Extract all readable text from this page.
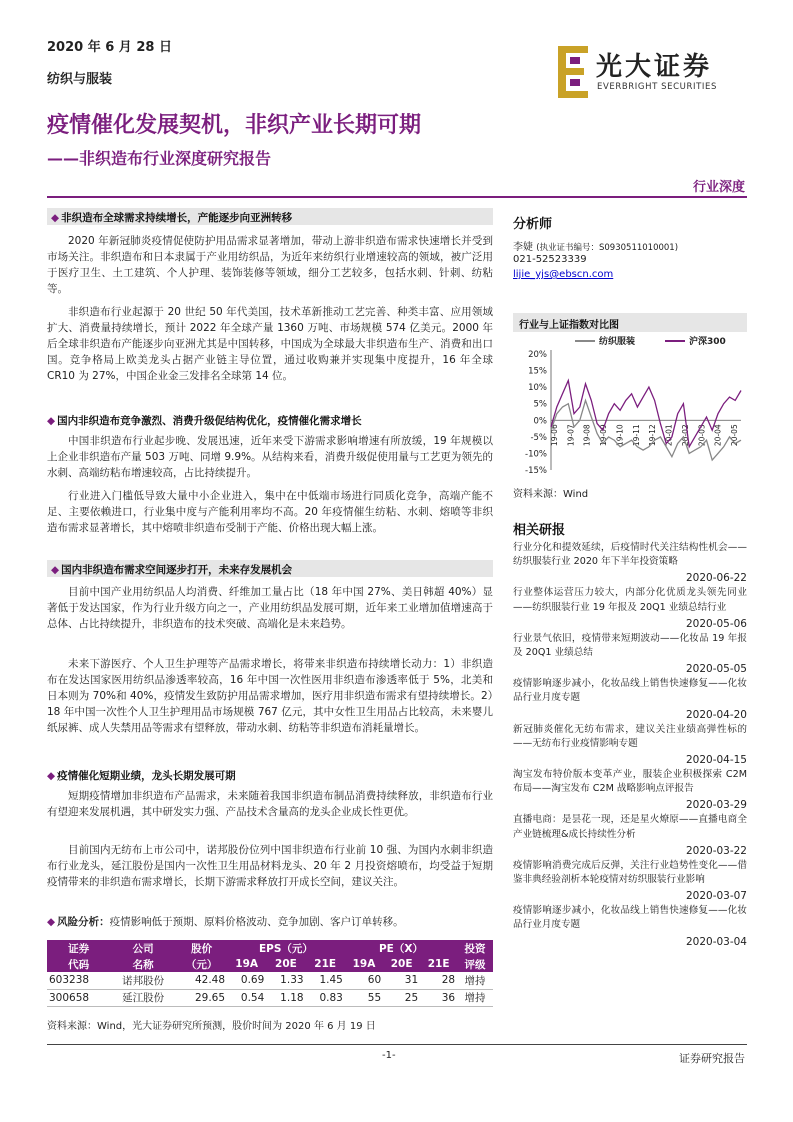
2020 年 6 月 28 日
纺织与服装	光大证券
EVERBRIGHT SECURITIES
疫情催化发展契机，非织产业长期可期
——非织造布行业深度研究报告
行业深度
◆ 非织造布全球需求持续增长，产能逐步向亚洲转移
2020 年新冠肺炎疫情促使防护用品需求显著增加，带动上游非织造布需求快速增长并受到市场关注。非织造布和日本隶属于产业用纺织品，为近年来纺织行业增速较高的领域，被广泛用于医疗卫生、土工建筑、个人护理、装饰装修等领域，细分工艺较多，包括水刺、针刺、纺粘等。
非织造布行业起源于 20 世纪 50 年代美国，技术革新推动工艺完善、种类丰富、应用领域扩大、消费量持续增长，预计 2022 年全球产量 1360 万吨、市场规模 574 亿美元。2000 年后全球非织造布产能逐步向亚洲尤其是中国转移，中国成为全球最大非织造布生产、消费和出口国。竞争格局上欧美龙头占据产业链主导位置，通过收购兼并实现集中度提升，16 年全球 CR10 为 27%，中国企业金三发排名全球第 14 位。
◆ 国内非织造布竞争激烈、消费升级促结构优化，疫情催化需求增长
中国非织造布行业起步晚、发展迅速，近年来受下游需求影响增速有所放缓，19 年规模以上企业非织造布产量 503 万吨、同增 9.9%。从结构来看，消费升级促使用量与工艺更为领先的水刺、高端纺粘布增速较高，占比持续提升。
行业进入门槛低导致大量中小企业进入，集中在中低端市场进行同质化竞争，高端产能不足、主要依赖进口，行业集中度与产能利用率均不高。20 年疫情催生纺粘、水刺、熔喷等非织造布需求显著增长，其中熔喷非织造布受制于产能、价格出现大幅上涨。
◆ 国内非织造布需求空间逐步打开，未来存发展机会
目前中国产业用纺织品人均消费、纤维加工量占比（18 年中国 27%、美日韩超 40%）显著低于发达国家，作为行业升级方向之一，产业用纺织品发展可期，近年来工业增加值增速高于总体、占比持续提升，非织造布的技术突破、高端化是未来趋势。
未来下游医疗、个人卫生护理等产品需求增长，将带来非织造布持续增长动力：1）非织造布在发达国家医用纺织品渗透率较高，16 年中国一次性医用非织造布渗透率低于 5%，北美和日本则为 70%和 40%，疫情发生致防护用品需求增加，医疗用非织造布需求有望持续增长。2）18 年中国一次性个人卫生护理用品市场规模 767 亿元，其中女性卫生用品占比较高，未来婴儿纸尿裤、成人失禁用品等需求有望释放，带动水刺、纺粘等非织造布消耗量增长。
◆ 疫情催化短期业绩，龙头长期发展可期
短期疫情增加非织造布产品需求，未来随着我国非织造布制品消费持续释放，非织造布行业有望迎来发展机遇，其中研发实力强、产品技术含量高的龙头企业成长性更优。
目前国内无纺布上市公司中，诺邦股份位列中国非织造布行业前 10 强、为国内水刺非织造布行业龙头，延江股份是国内一次性卫生用品材料龙头、20 年 2 月投资熔喷布，均受益于短期疫情带来的非织造布需求增长，长期下游需求释放打开成长空间，建议关注。
◆ 风险分析：疫情影响低于预期、原料价格波动、竞争加剧、客户订单转移。
证券	公司	股价	EPS（元）			PE（X）			投资
代码	名称	（元）	19A	20E	21E	19A	20E	21E	评级
603238	诺邦股份	42.48	0.69	1.33	1.45	60	31	28	增持
300658	延江股份	29.65	0.54	1.18	0.83	55	25	36	增持
资料来源：Wind，光大证券研究所预测，股价时间为 2020 年 6 月 19 日
分析师
李婕 (执业证书编号：S0930511010001)
021-52523339
lijie_yjs@ebscn.com
行业与上证指数对比图
纺织服装	沪深300
20%
15%
10%
5%
0%
-5%
-10%
-15%
19-06 19-07 19-08 19-09 19-10 19-11 19-12 20-01 20-02 20-03 20-04 20-05
资料来源：Wind
相关研报
行业分化和提效延续，后疫情时代关注结构性机会——纺织服装行业 2020 年下半年投资策略
2020-06-22
行业整体运营压力较大，内部分化优质龙头领先同业——纺织服装行业 19 年报及 20Q1 业绩总结行业
2020-05-06
行业景气依旧，疫情带来短期波动——化妆品 19 年报及 20Q1 业绩总结
2020-05-05
疫情影响逐步减小，化妆品线上销售快速修复——化妆品行业月度专题
2020-04-20
新冠肺炎催化无纺布需求，建议关注业绩高弹性标的——无纺布行业疫情影响专题
2020-04-15
淘宝发布特价版本变革产业，服装企业积极探索 C2M 布局——淘宝发布 C2M 战略影响点评报告
2020-03-29
直播电商：是昙花一现，还是星火燎原——直播电商全产业链梳理&成长持续性分析
2020-03-22
疫情影响消费完成后反弹，关注行业趋势性变化——借鉴非典经验剖析本轮疫情对纺织服装行业影响
2020-03-07
疫情影响逐步减小，化妆品线上销售快速修复——化妆品行业月度专题
2020-03-04
-1-	证券研究报告
